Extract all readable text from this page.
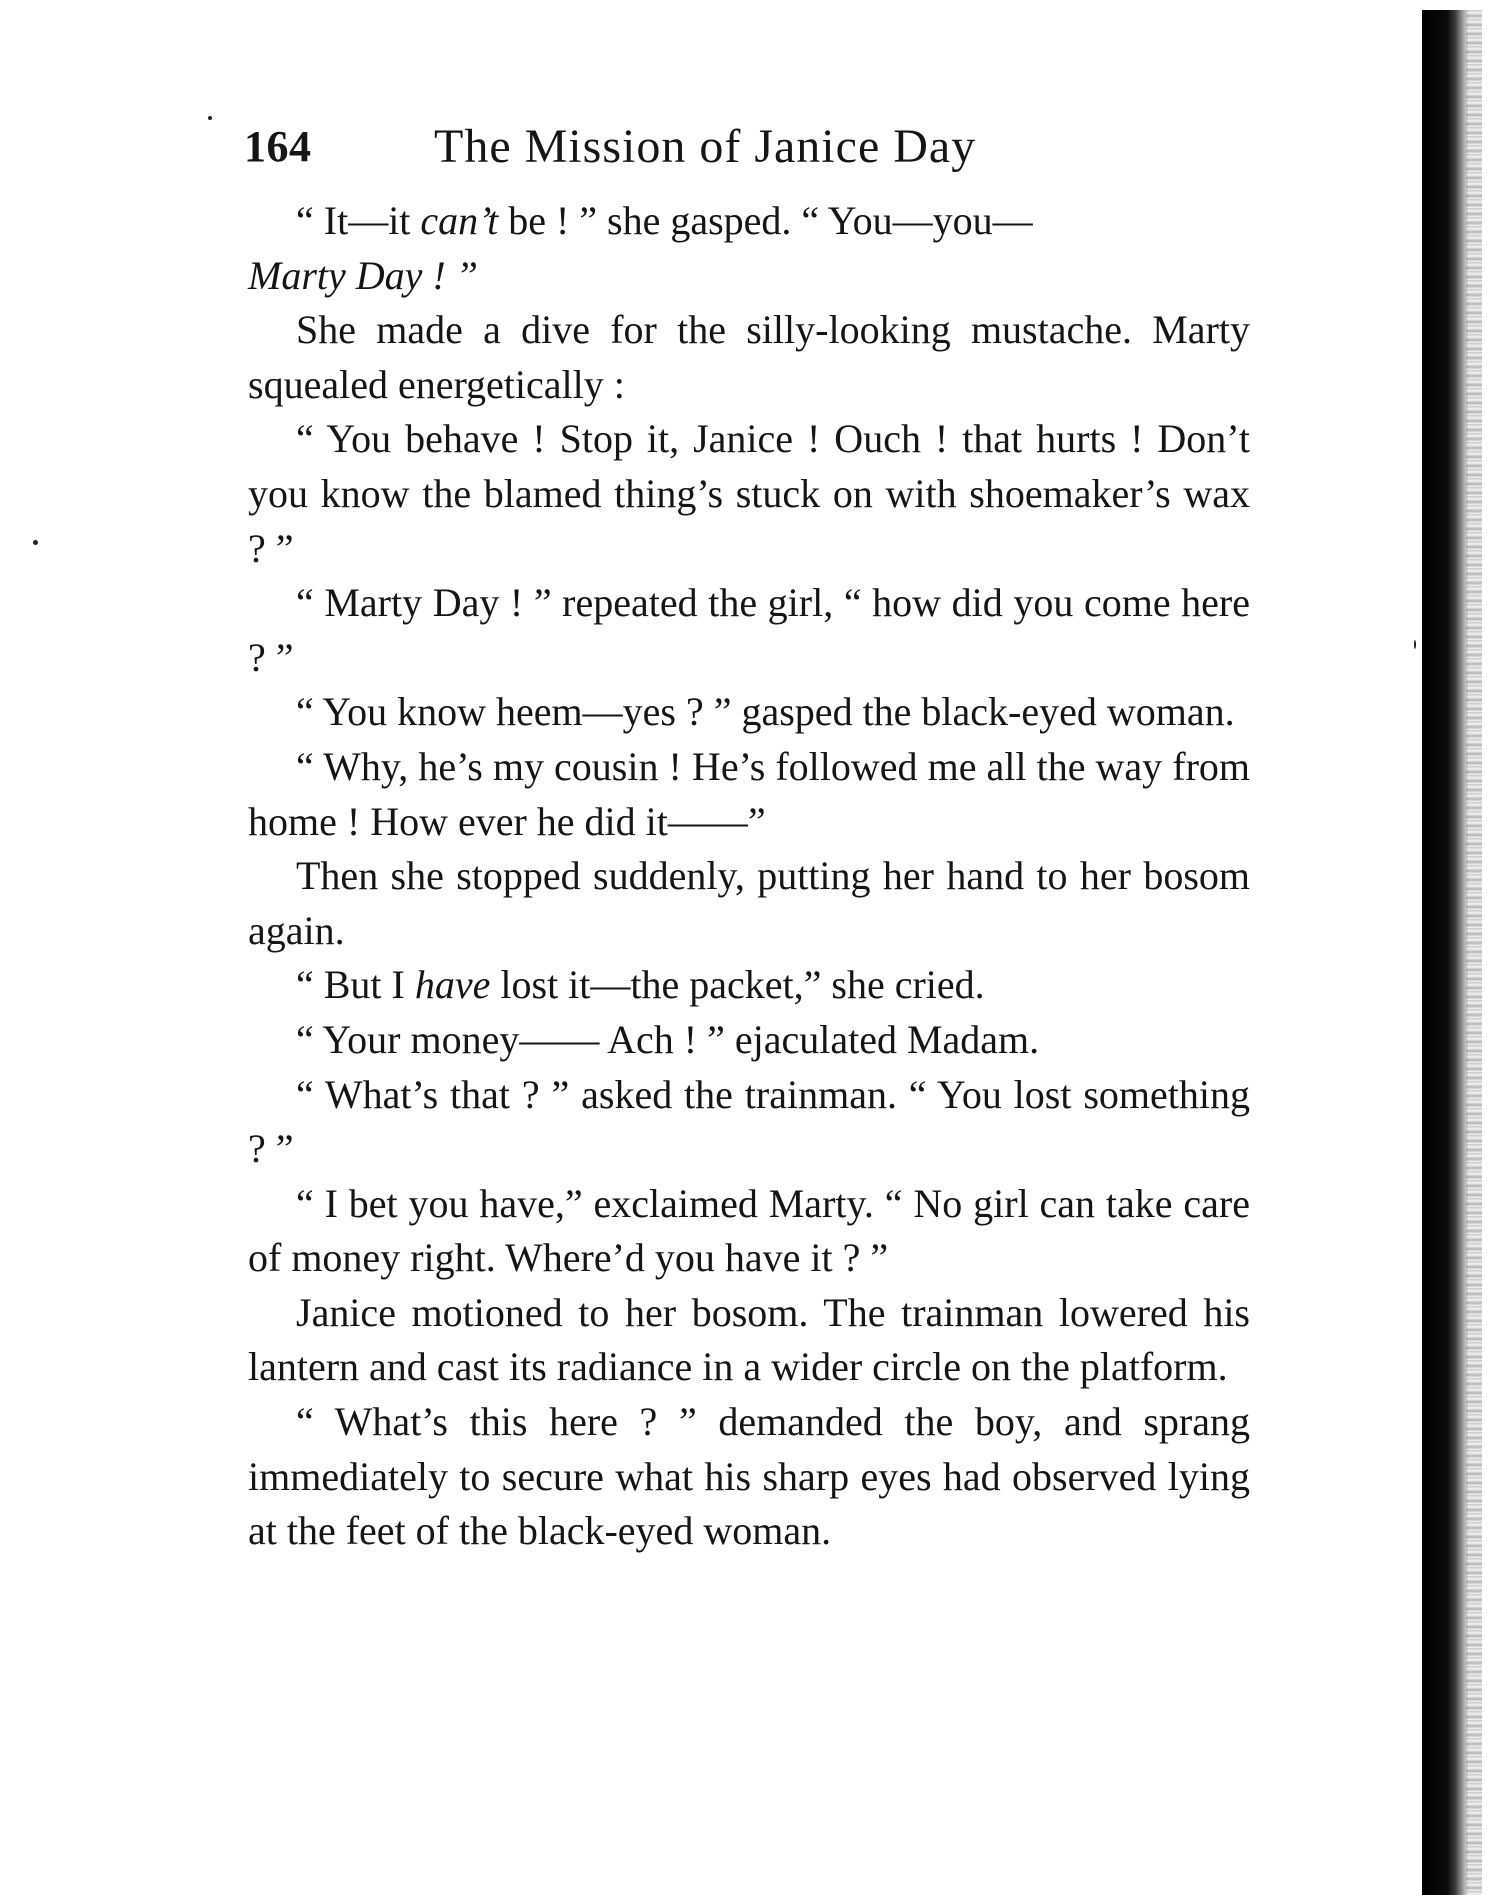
164	The Mission of Janice Day

“ It—it can’t be ! ” she gasped. “ You—you—
Marty Day ! ”

She made a dive for the silly-looking mustache. Marty squealed energetically :

“ You behave ! Stop it, Janice ! Ouch ! that hurts ! Don’t you know the blamed thing’s stuck on with shoemaker’s wax ? ”

“ Marty Day ! ” repeated the girl, “ how did you come here ? ”

“ You know heem—yes ? ” gasped the black-eyed woman.

“ Why, he’s my cousin ! He’s followed me all the way from home ! How ever he did it——”

Then she stopped suddenly, putting her hand to her bosom again.

“ But I have lost it—the packet,” she cried.

“ Your money—— Ach ! ” ejaculated Madam.

“ What’s that ? ” asked the trainman. “ You lost something ? ”

“ I bet you have,” exclaimed Marty. “ No girl can take care of money right. Where’d you have it ? ”

Janice motioned to her bosom. The trainman lowered his lantern and cast its radiance in a wider circle on the platform.

“ What’s this here ? ” demanded the boy, and sprang immediately to secure what his sharp eyes had observed lying at the feet of the black-eyed woman.
